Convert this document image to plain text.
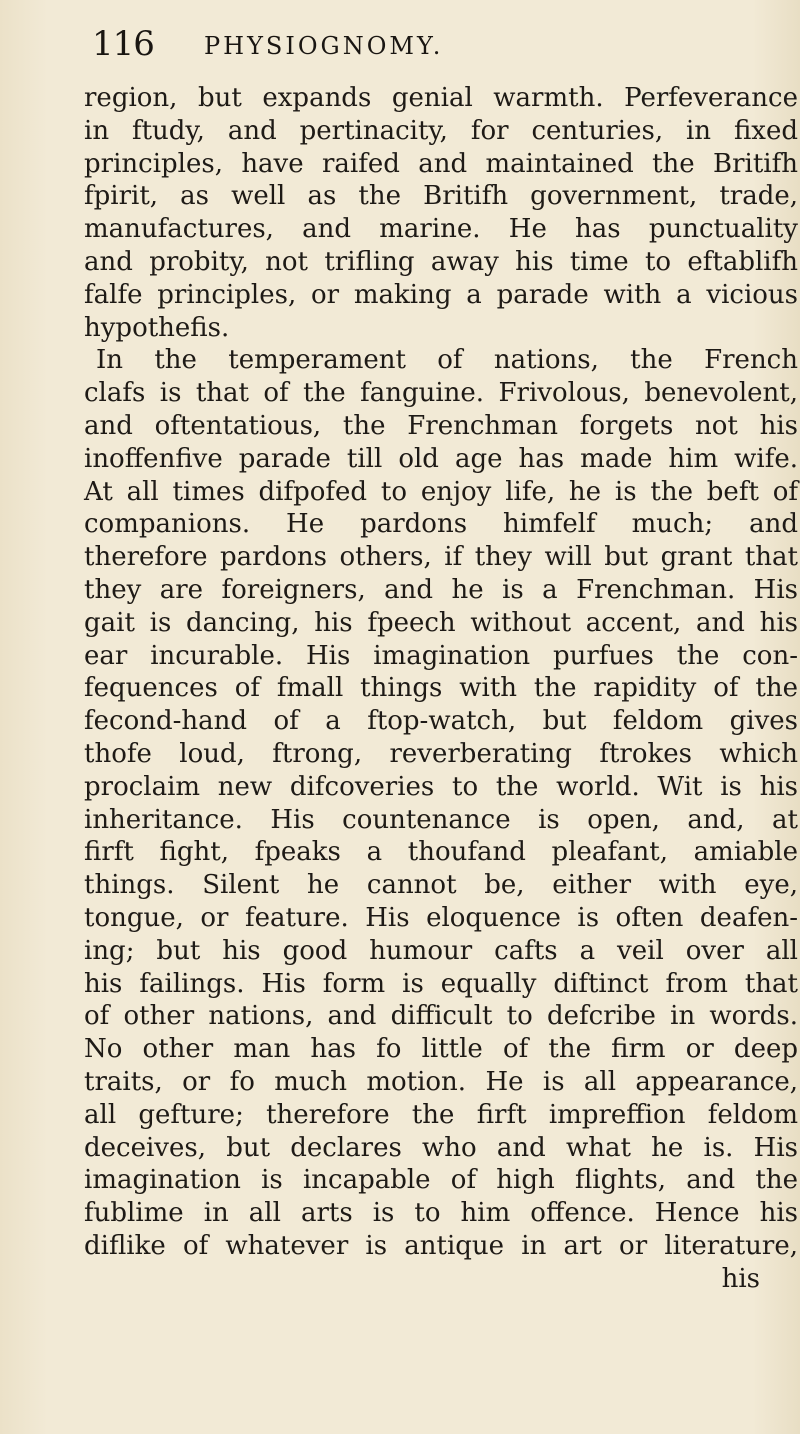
116 PHYSIOGNOMY.
region, but expands genial warmth. Perfeverance
in ftudy, and pertinacity, for centuries, in fixed
principles, have raifed and maintained the Britifh
fpirit, as well as the Britifh government, trade,
manufactures, and marine. He has punctuality
and probity, not trifling away his time to eftablifh
falfe principles, or making a parade with a vicious
hypothefis.
In the temperament of nations, the French
clafs is that of the fanguine. Frivolous, benevolent,
and oftentatious, the Frenchman forgets not his
inoffenfive parade till old age has made him wife.
At all times difpofed to enjoy life, he is the beft of
companions. He pardons himfelf much; and
therefore pardons others, if they will but grant that
they are foreigners, and he is a Frenchman. His
gait is dancing, his fpeech without accent, and his
ear incurable. His imagination purfues the con-
fequences of fmall things with the rapidity of the
fecond-hand of a ftop-watch, but feldom gives
thofe loud, ftrong, reverberating ftrokes which
proclaim new difcoveries to the world. Wit is his
inheritance. His countenance is open, and, at
firft fight, fpeaks a thoufand pleafant, amiable
things. Silent he cannot be, either with eye,
tongue, or feature. His eloquence is often deafen-
ing; but his good humour cafts a veil over all
his failings. His form is equally diftinct from that
of other nations, and difficult to defcribe in words.
No other man has fo little of the firm or deep
traits, or fo much motion. He is all appearance,
all gefture; therefore the firft impreffion feldom
deceives, but declares who and what he is. His
imagination is incapable of high flights, and the
fublime in all arts is to him offence. Hence his
diflike of whatever is antique in art or literature,
his
